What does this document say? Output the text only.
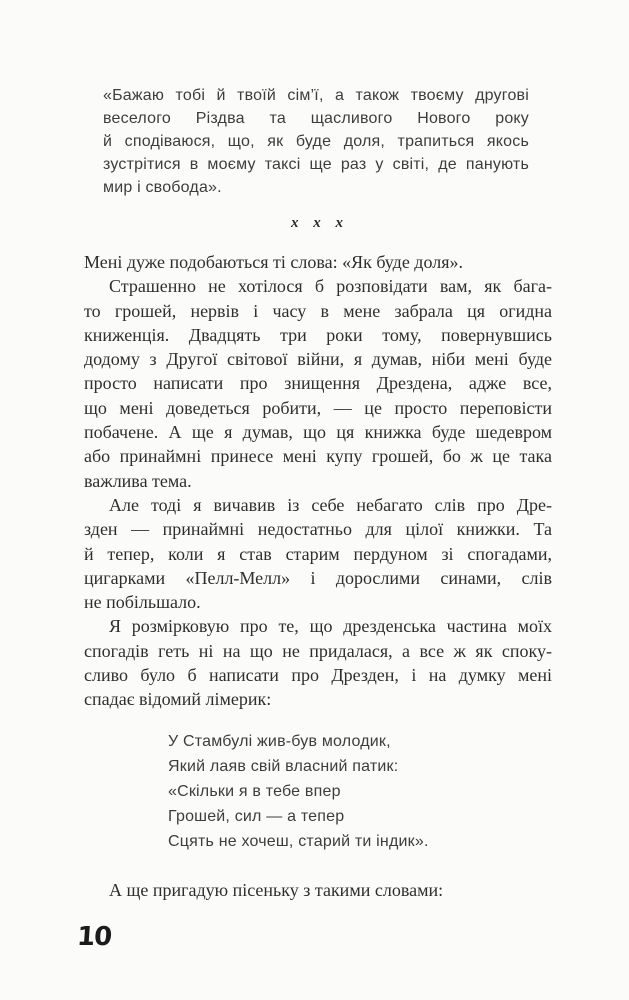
«Бажаю тобі й твоїй сім’ї, а також твоєму другові
веселого Різдва та щасливого Нового року
й сподіваюся, що, як буде доля, трапиться якось
зустрітися в моєму таксі ще раз у світі, де панують
мир і свобода».
x x x
Мені дуже подобаються ті слова: «Як буде доля».
Страшенно не хотілося б розповідати вам, як бага-
то грошей, нервів і часу в мене забрала ця огидна
книженція. Двадцять три роки тому, повернувшись
додому з Другої світової війни, я думав, ніби мені буде
просто написати про знищення Дрездена, адже все,
що мені доведеться робити, — це просто переповісти
побачене. А ще я думав, що ця книжка буде шедевром
або принаймні принесе мені купу грошей, бо ж це така
важлива тема.
Але тоді я вичавив із себе небагато слів про Дре-
зден — принаймні недостатньо для цілої книжки. Та
й тепер, коли я став старим пердуном зі спогадами,
цигарками «Пелл-Мелл» і дорослими синами, слів
не побільшало.
Я розмірковую про те, що дрезденська частина моїх
спогадів геть ні на що не придалася, а все ж як споку-
сливо було б написати про Дрезден, і на думку мені
спадає відомий лімерик:
У Стамбулі жив-був молодик,
Який лаяв свій власний патик:
«Скільки я в тебе впер
Грошей, сил — а тепер
Сцять не хочеш, старий ти індик».
А ще пригадую пісеньку з такими словами:
10
